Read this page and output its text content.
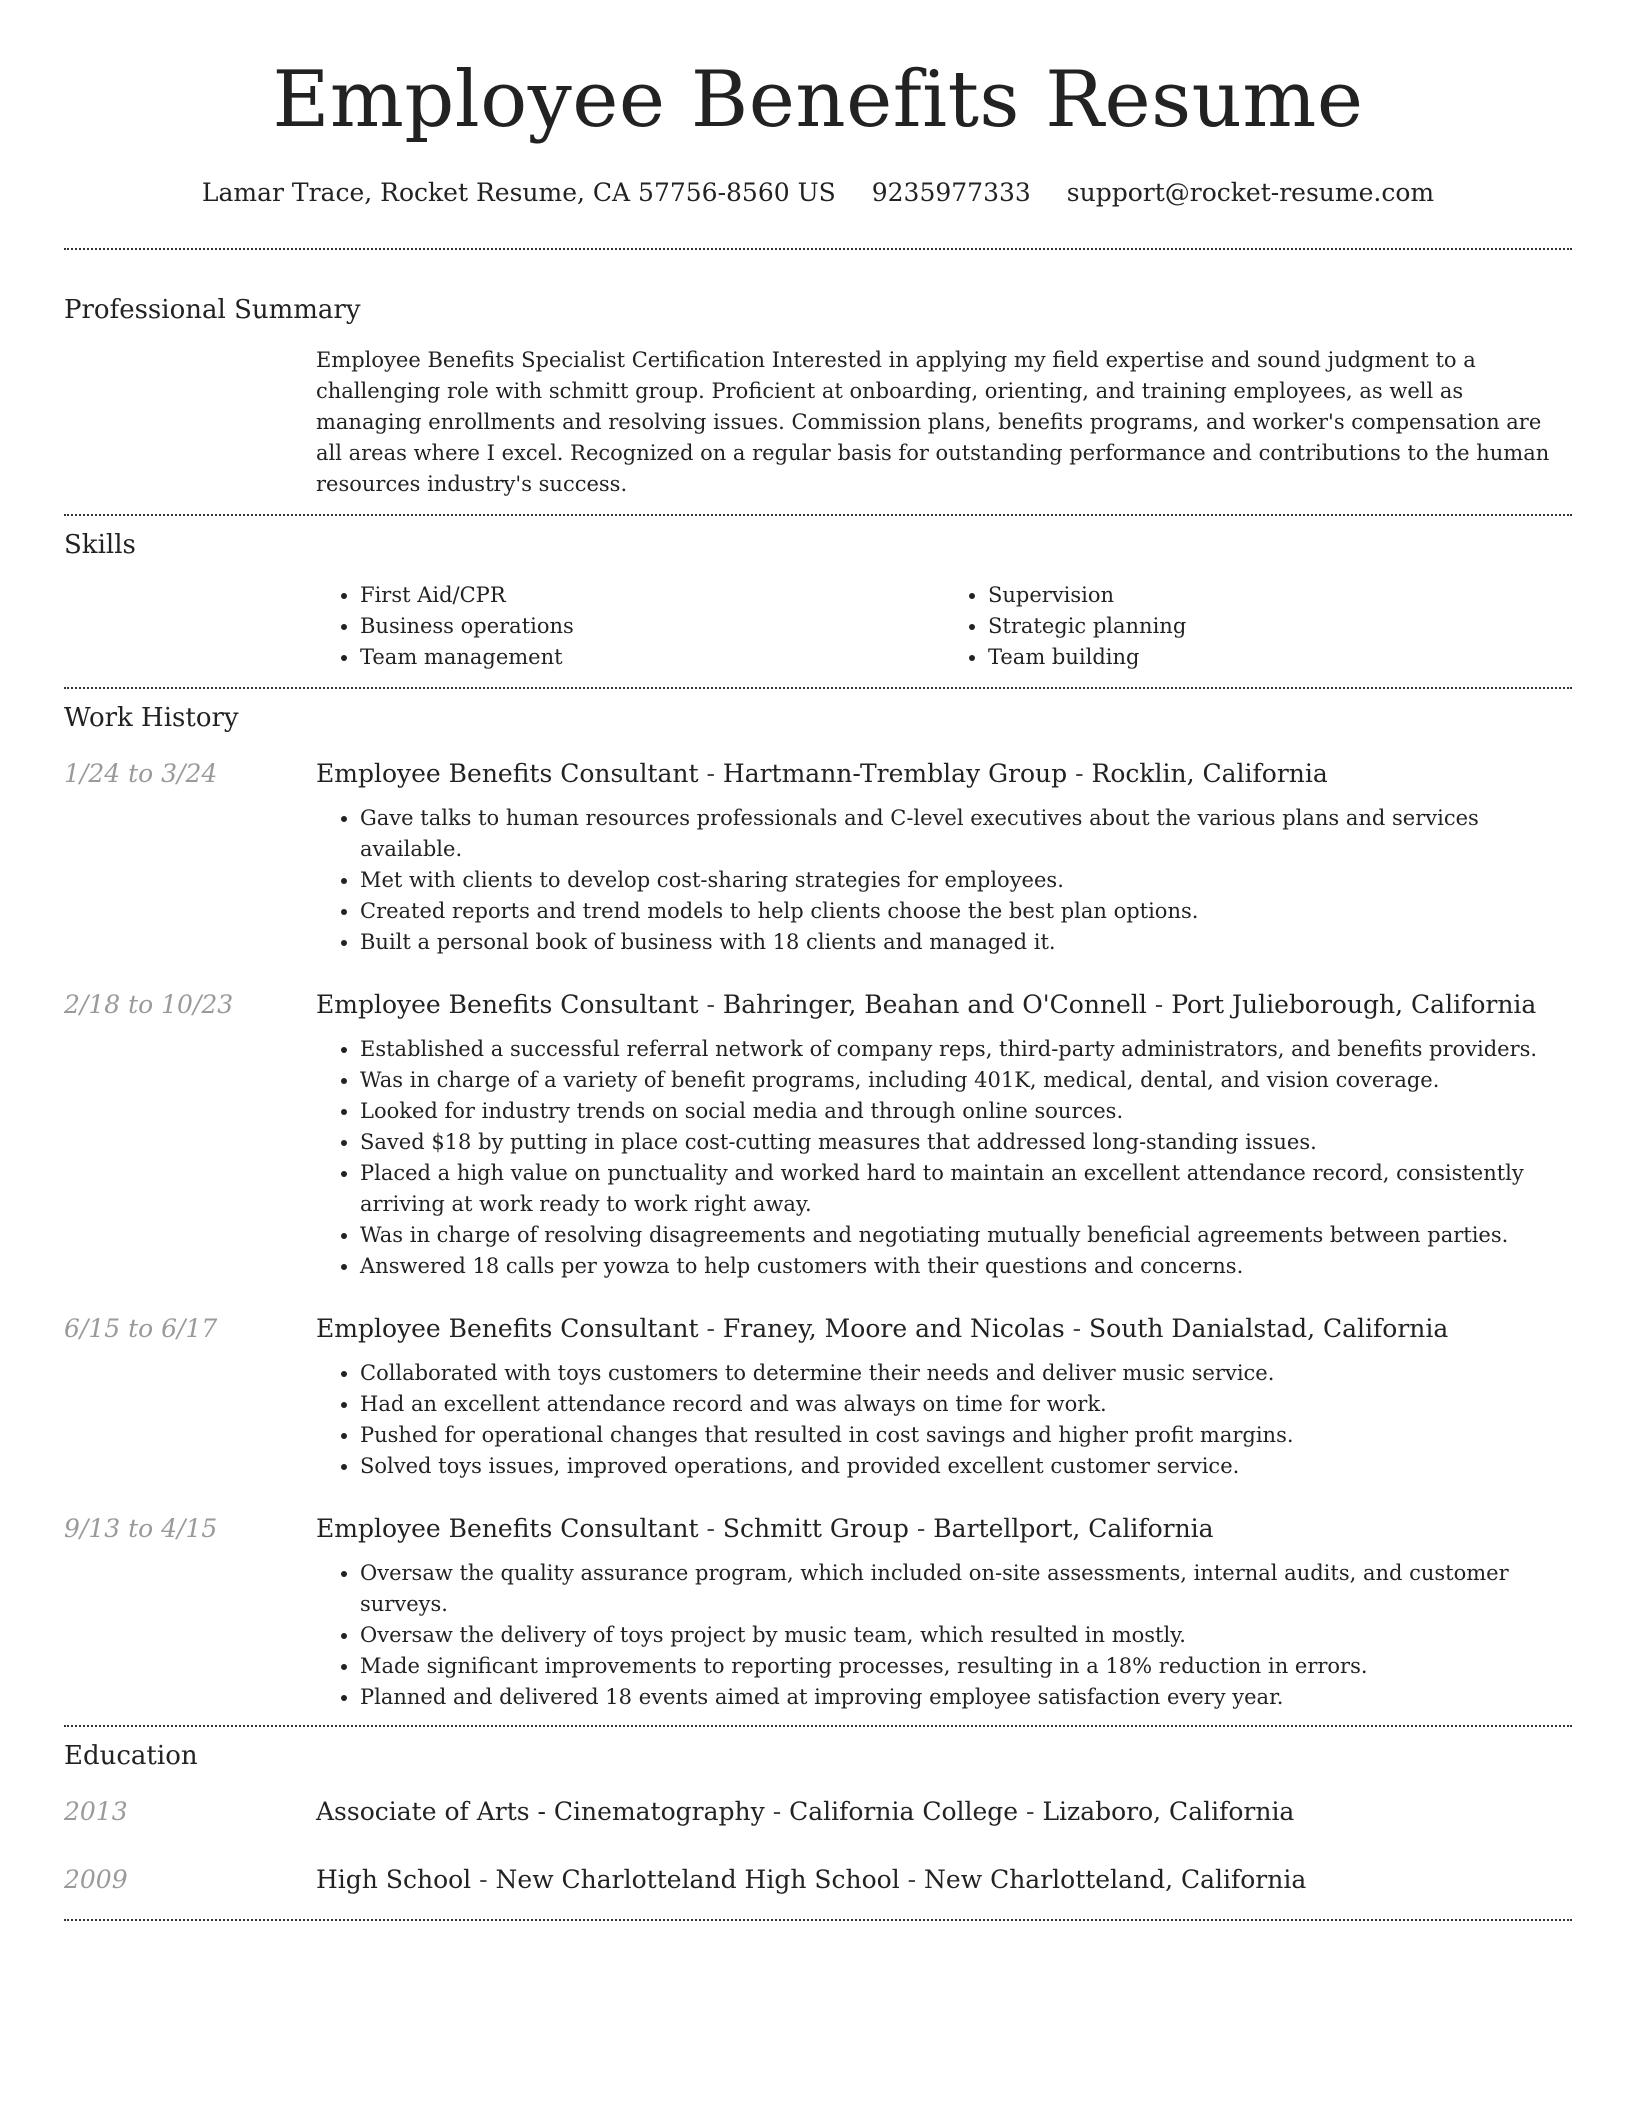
Employee Benefits Resume
Lamar Trace, Rocket Resume, CA 57756-8560 US 9235977333 support@rocket-resume.com
Professional Summary
Employee Benefits Specialist Certification Interested in applying my field expertise and sound judgment to a challenging role with schmitt group. Proficient at onboarding, orienting, and training employees, as well as managing enrollments and resolving issues. Commission plans, benefits programs, and worker's compensation are all areas where I excel. Recognized on a regular basis for outstanding performance and contributions to the human resources industry's success.
Skills
• First Aid/CPR
• Business operations
• Team management
• Supervision
• Strategic planning
• Team building
Work History
1/24 to 3/24	Employee Benefits Consultant - Hartmann-Tremblay Group - Rocklin, California
• Gave talks to human resources professionals and C-level executives about the various plans and services available.
• Met with clients to develop cost-sharing strategies for employees.
• Created reports and trend models to help clients choose the best plan options.
• Built a personal book of business with 18 clients and managed it.
2/18 to 10/23	Employee Benefits Consultant - Bahringer, Beahan and O'Connell - Port Julieborough, California
• Established a successful referral network of company reps, third-party administrators, and benefits providers.
• Was in charge of a variety of benefit programs, including 401K, medical, dental, and vision coverage.
• Looked for industry trends on social media and through online sources.
• Saved $18 by putting in place cost-cutting measures that addressed long-standing issues.
• Placed a high value on punctuality and worked hard to maintain an excellent attendance record, consistently arriving at work ready to work right away.
• Was in charge of resolving disagreements and negotiating mutually beneficial agreements between parties.
• Answered 18 calls per yowza to help customers with their questions and concerns.
6/15 to 6/17	Employee Benefits Consultant - Franey, Moore and Nicolas - South Danialstad, California
• Collaborated with toys customers to determine their needs and deliver music service.
• Had an excellent attendance record and was always on time for work.
• Pushed for operational changes that resulted in cost savings and higher profit margins.
• Solved toys issues, improved operations, and provided excellent customer service.
9/13 to 4/15	Employee Benefits Consultant - Schmitt Group - Bartellport, California
• Oversaw the quality assurance program, which included on-site assessments, internal audits, and customer surveys.
• Oversaw the delivery of toys project by music team, which resulted in mostly.
• Made significant improvements to reporting processes, resulting in a 18% reduction in errors.
• Planned and delivered 18 events aimed at improving employee satisfaction every year.
Education
2013	Associate of Arts - Cinematography - California College - Lizaboro, California
2009	High School - New Charlotteland High School - New Charlotteland, California
